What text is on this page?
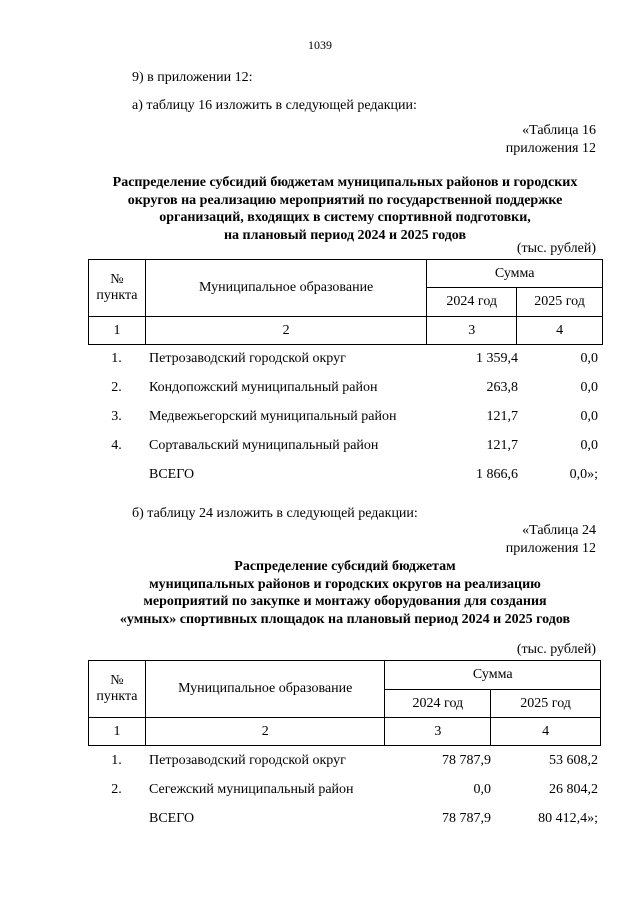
1039
9) в приложении 12:
а) таблицу 16 изложить в следующей редакции:
«Таблица 16
приложения 12
Распределение субсидий бюджетам муниципальных районов и городских
округов на реализацию мероприятий по государственной поддержке
организаций, входящих в систему спортивной подготовки,
на плановый период 2024 и 2025 годов
(тыс. рублей)
№
пункта	Муниципальное образование	Сумма	
		2024 год	2025 год
1	2	3	4
1.	Петрозаводский городской округ	1 359,4	0,0
2.	Кондопожский муниципальный район	263,8	0,0
3.	Медвежьегорский муниципальный район	121,7	0,0
4.	Сортавальский муниципальный район	121,7	0,0
	ВСЕГО	1 866,6	0,0»;
б) таблицу 24 изложить в следующей редакции:
«Таблица 24
приложения 12
Распределение субсидий бюджетам
муниципальных районов и городских округов на реализацию
мероприятий по закупке и монтажу оборудования для создания
«умных» спортивных площадок на плановый период 2024 и 2025 годов
(тыс. рублей)
№
пункта	Муниципальное образование	Сумма	
		2024 год	2025 год
1	2	3	4
1.	Петрозаводский городской округ	78 787,9	53 608,2
2.	Сегежский муниципальный район	0,0	26 804,2
	ВСЕГО	78 787,9	80 412,4»;
